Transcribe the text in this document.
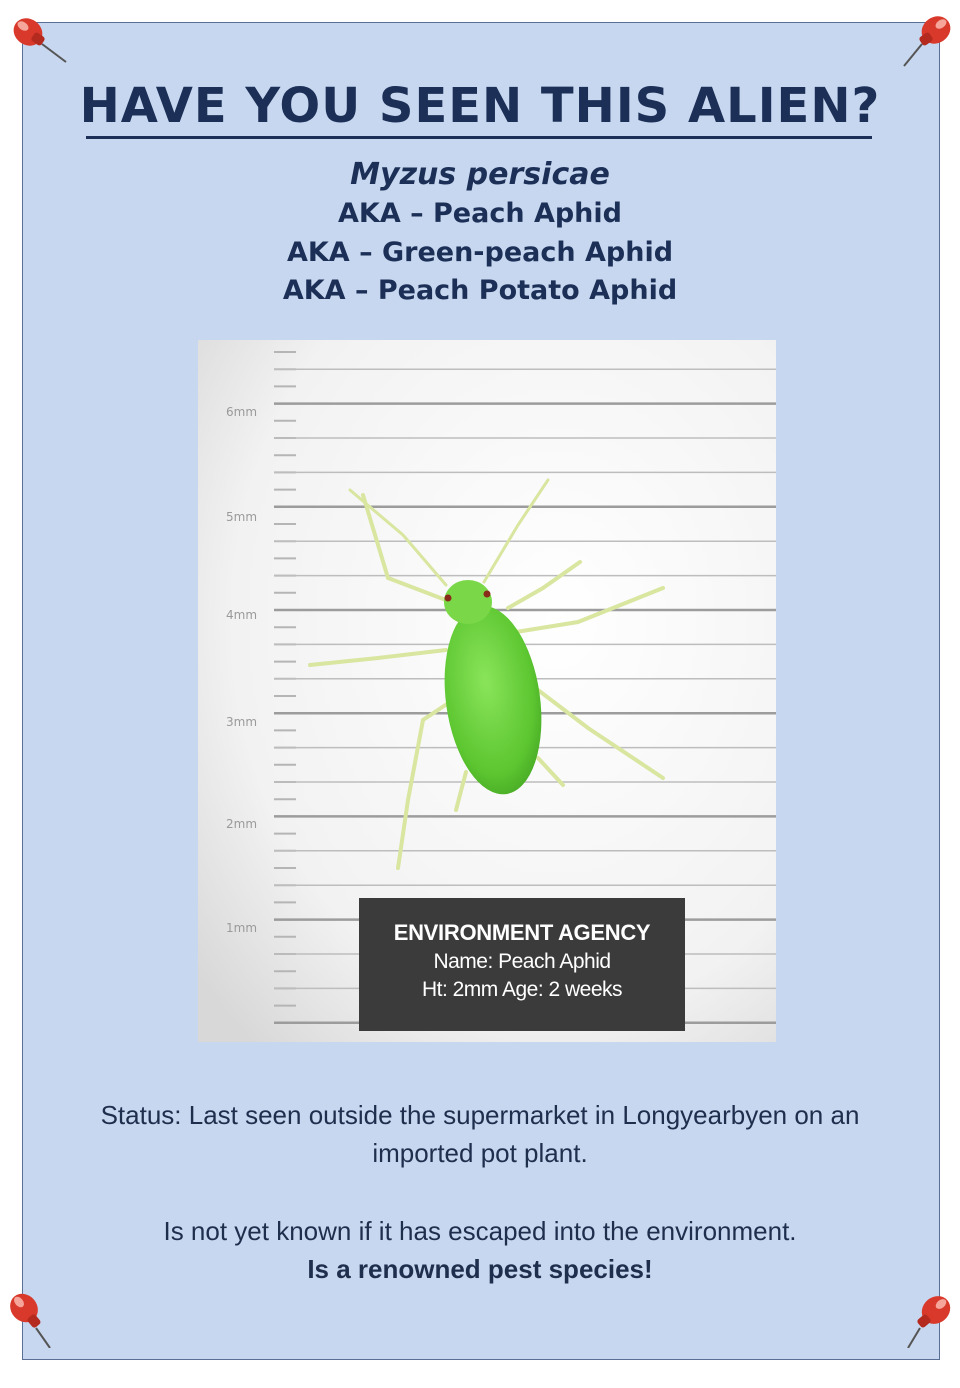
HAVE YOU SEEN THIS ALIEN?
Myzus persicae
AKA – Peach Aphid
AKA – Green-peach Aphid
AKA – Peach Potato Aphid
6mm
5mm
4mm
3mm
2mm
1mm	ENVIRONMENT AGENCY
Name: Peach Aphid
Ht: 2mm Age: 2 weeks
Status: Last seen outside the supermarket in Longyearbyen on an imported pot plant.
Is not yet known if it has escaped into the environment.
Is a renowned pest species!
